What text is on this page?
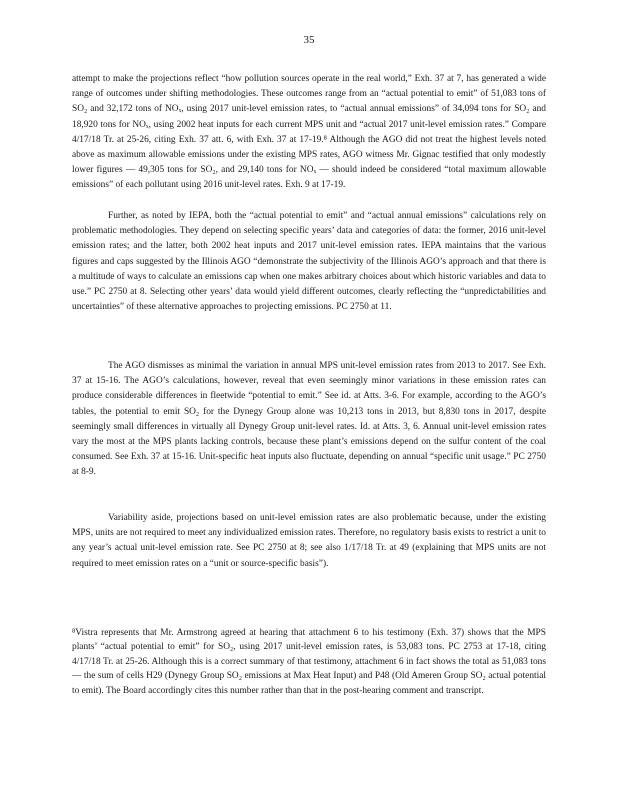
35

attempt to make the projections reflect “how pollution sources operate in the real world,” Exh. 37 at 7, has generated a wide range of outcomes under shifting methodologies. These outcomes range from an “actual potential to emit” of 51,083 tons of SO₂ and 32,172 tons of NOₓ, using 2017 unit-level emission rates, to “actual annual emissions” of 34,094 tons for SO₂ and 18,920 tons for NOₓ, using 2002 heat inputs for each current MPS unit and “actual 2017 unit-level emission rates.” Compare 4/17/18 Tr. at 25-26, citing Exh. 37 att. 6, with Exh. 37 at 17-19.⁸ Although the AGO did not treat the highest levels noted above as maximum allowable emissions under the existing MPS rates, AGO witness Mr. Gignac testified that only modestly lower figures — 49,305 tons for SO₂, and 29,140 tons for NOₓ — should indeed be considered “total maximum allowable emissions” of each pollutant using 2016 unit-level rates. Exh. 9 at 17-19.

Further, as noted by IEPA, both the “actual potential to emit” and “actual annual emissions” calculations rely on problematic methodologies. They depend on selecting specific years’ data and categories of data: the former, 2016 unit-level emission rates; and the latter, both 2002 heat inputs and 2017 unit-level emission rates. IEPA maintains that the various figures and caps suggested by the Illinois AGO “demonstrate the subjectivity of the Illinois AGO’s approach and that there is a multitude of ways to calculate an emissions cap when one makes arbitrary choices about which historic variables and data to use.” PC 2750 at 8. Selecting other years’ data would yield different outcomes, clearly reflecting the “unpredictabilities and uncertainties” of these alternative approaches to projecting emissions. PC 2750 at 11.

The AGO dismisses as minimal the variation in annual MPS unit-level emission rates from 2013 to 2017. See Exh. 37 at 15-16. The AGO’s calculations, however, reveal that even seemingly minor variations in these emission rates can produce considerable differences in fleetwide “potential to emit.” See id. at Atts. 3-6. For example, according to the AGO’s tables, the potential to emit SO₂ for the Dynegy Group alone was 10,213 tons in 2013, but 8,830 tons in 2017, despite seemingly small differences in virtually all Dynegy Group unit-level rates. Id. at Atts. 3, 6. Annual unit-level emission rates vary the most at the MPS plants lacking controls, because these plant’s emissions depend on the sulfur content of the coal consumed. See Exh. 37 at 15-16. Unit-specific heat inputs also fluctuate, depending on annual “specific unit usage.” PC 2750 at 8-9.

Variability aside, projections based on unit-level emission rates are also problematic because, under the existing MPS, units are not required to meet any individualized emission rates. Therefore, no regulatory basis exists to restrict a unit to any year’s actual unit-level emission rate. See PC 2750 at 8; see also 1/17/18 Tr. at 49 (explaining that MPS units are not required to meet emission rates on a “unit or source-specific basis”).

⁸Vistra represents that Mr. Armstrong agreed at hearing that attachment 6 to his testimony (Exh. 37) shows that the MPS plants’ “actual potential to emit” for SO₂, using 2017 unit-level emission rates, is 53,083 tons. PC 2753 at 17-18, citing 4/17/18 Tr. at 25-26. Although this is a correct summary of that testimony, attachment 6 in fact shows the total as 51,083 tons — the sum of cells H29 (Dynegy Group SO₂ emissions at Max Heat Input) and P48 (Old Ameren Group SO₂ actual potential to emit). The Board accordingly cites this number rather than that in the post-hearing comment and transcript.
